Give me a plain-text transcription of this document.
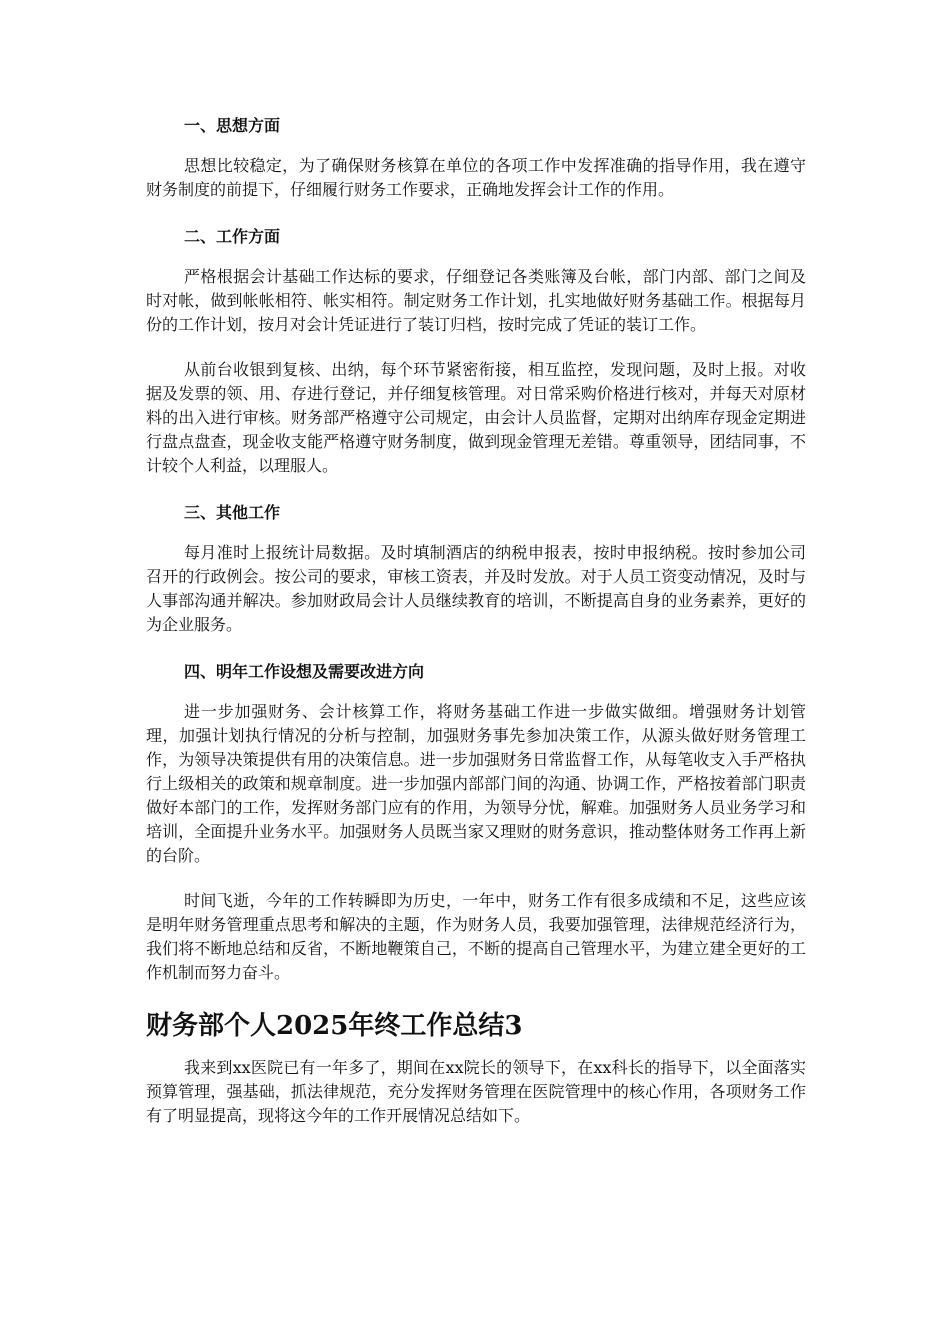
一、思想方面

思想比较稳定，为了确保财务核算在单位的各项工作中发挥准确的指导作用，我在遵守财务制度的前提下，仔细履行财务工作要求，正确地发挥会计工作的作用。

二、工作方面

严格根据会计基础工作达标的要求，仔细登记各类账簿及台帐，部门内部、部门之间及时对帐，做到帐帐相符、帐实相符。制定财务工作计划，扎实地做好财务基础工作。根据每月份的工作计划，按月对会计凭证进行了装订归档，按时完成了凭证的装订工作。

从前台收银到复核、出纳，每个环节紧密衔接，相互监控，发现问题，及时上报。对收据及发票的领、用、存进行登记，并仔细复核管理。对日常采购价格进行核对，并每天对原材料的出入进行审核。财务部严格遵守公司规定，由会计人员监督，定期对出纳库存现金定期进行盘点盘查，现金收支能严格遵守财务制度，做到现金管理无差错。尊重领导，团结同事，不计较个人利益，以理服人。

三、其他工作

每月准时上报统计局数据。及时填制酒店的纳税申报表，按时申报纳税。按时参加公司召开的行政例会。按公司的要求，审核工资表，并及时发放。对于人员工资变动情况，及时与人事部沟通并解决。参加财政局会计人员继续教育的培训，不断提高自身的业务素养，更好的为企业服务。

四、明年工作设想及需要改进方向

进一步加强财务、会计核算工作，将财务基础工作进一步做实做细。增强财务计划管理，加强计划执行情况的分析与控制，加强财务事先参加决策工作，从源头做好财务管理工作，为领导决策提供有用的决策信息。进一步加强财务日常监督工作，从每笔收支入手严格执行上级相关的政策和规章制度。进一步加强内部部门间的沟通、协调工作，严格按着部门职责做好本部门的工作，发挥财务部门应有的作用，为领导分忧，解难。加强财务人员业务学习和培训，全面提升业务水平。加强财务人员既当家又理财的财务意识，推动整体财务工作再上新的台阶。

时间飞逝，今年的工作转瞬即为历史，一年中，财务工作有很多成绩和不足，这些应该是明年财务管理重点思考和解决的主题，作为财务人员，我要加强管理，法律规范经济行为，我们将不断地总结和反省，不断地鞭策自己，不断的提高自己管理水平，为建立建全更好的工作机制而努力奋斗。

财务部个人2025年终工作总结3

我来到xx医院已有一年多了，期间在xx院长的领导下，在xx科长的指导下，以全面落实预算管理，强基础，抓法律规范，充分发挥财务管理在医院管理中的核心作用，各项财务工作有了明显提高，现将这今年的工作开展情况总结如下。
